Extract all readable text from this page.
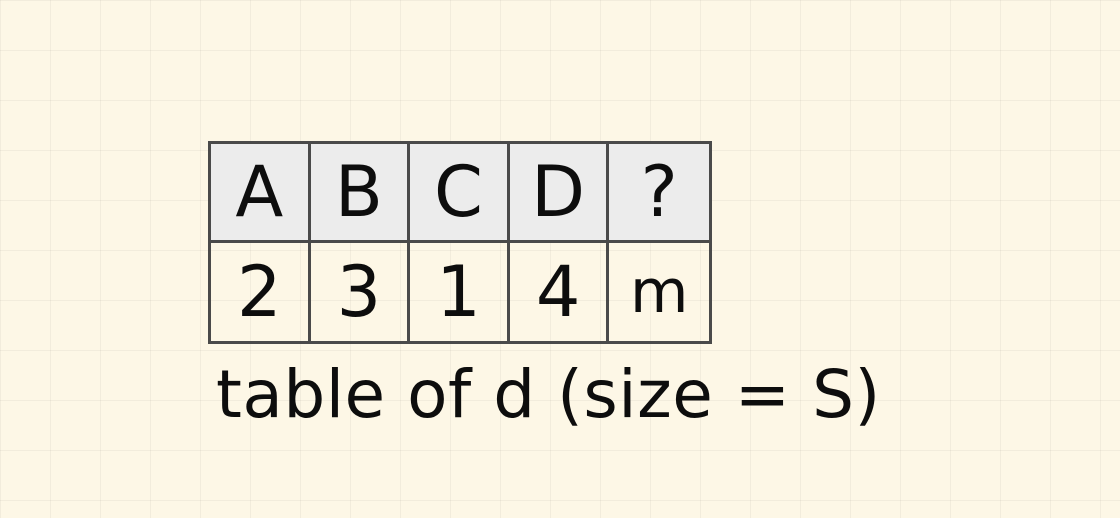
A B C D ?
2 3 1 4 m

table of d (size = S)
